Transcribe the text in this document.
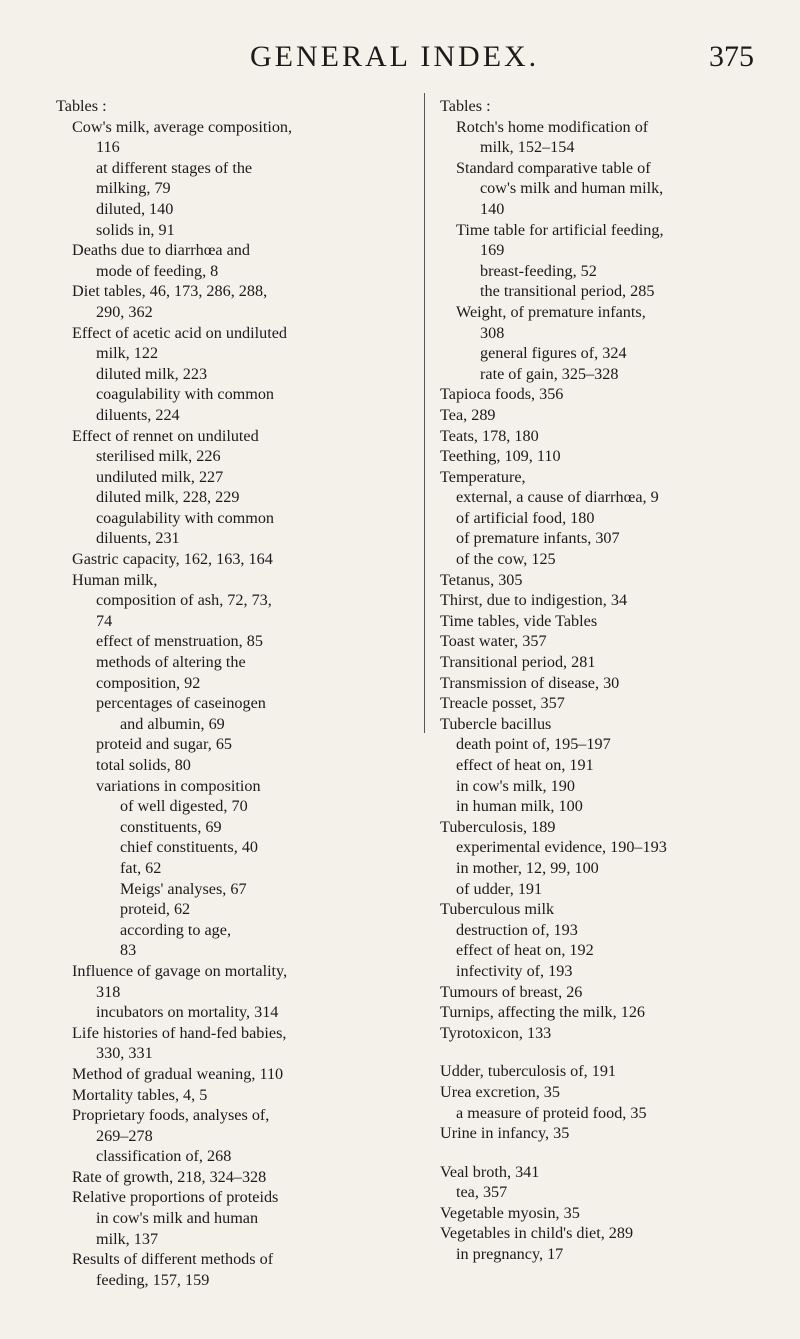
GENERAL INDEX.	375
Tables :
Cow's milk, average composition,
116
at different stages of the
milking, 79
diluted, 140
solids in, 91
Deaths due to diarrhœa and
mode of feeding, 8
Diet tables, 46, 173, 286, 288,
290, 362
Effect of acetic acid on undiluted
milk, 122
diluted milk, 223
coagulability with common
diluents, 224
Effect of rennet on undiluted
sterilised milk, 226
undiluted milk, 227
diluted milk, 228, 229
coagulability with common
diluents, 231
Gastric capacity, 162, 163, 164
Human milk,
composition of ash, 72, 73,
74
effect of menstruation, 85
methods of altering the
composition, 92
percentages of caseinogen
and albumin, 69
proteid and sugar, 65
total solids, 80
variations in composition
of well digested, 70
constituents, 69
chief constituents, 40
fat, 62
Meigs' analyses, 67
proteid, 62
according to age,
83
Influence of gavage on mortality,
318
incubators on mortality, 314
Life histories of hand-fed babies,
330, 331
Method of gradual weaning, 110
Mortality tables, 4, 5
Proprietary foods, analyses of,
269–278
classification of, 268
Rate of growth, 218, 324–328
Relative proportions of proteids
in cow's milk and human
milk, 137
Results of different methods of
feeding, 157, 159
Tables :
Rotch's home modification of
milk, 152–154
Standard comparative table of
cow's milk and human milk,
140
Time table for artificial feeding,
169
breast-feeding, 52
the transitional period, 285
Weight, of premature infants,
308
general figures of, 324
rate of gain, 325–328
Tapioca foods, 356
Tea, 289
Teats, 178, 180
Teething, 109, 110
Temperature,
external, a cause of diarrhœa, 9
of artificial food, 180
of premature infants, 307
of the cow, 125
Tetanus, 305
Thirst, due to indigestion, 34
Time tables, vide Tables
Toast water, 357
Transitional period, 281
Transmission of disease, 30
Treacle posset, 357
Tubercle bacillus
death point of, 195–197
effect of heat on, 191
in cow's milk, 190
in human milk, 100
Tuberculosis, 189
experimental evidence, 190–193
in mother, 12, 99, 100
of udder, 191
Tuberculous milk
destruction of, 193
effect of heat on, 192
infectivity of, 193
Tumours of breast, 26
Turnips, affecting the milk, 126
Tyrotoxicon, 133
Udder, tuberculosis of, 191
Urea excretion, 35
a measure of proteid food, 35
Urine in infancy, 35
Veal broth, 341
tea, 357
Vegetable myosin, 35
Vegetables in child's diet, 289
in pregnancy, 17
